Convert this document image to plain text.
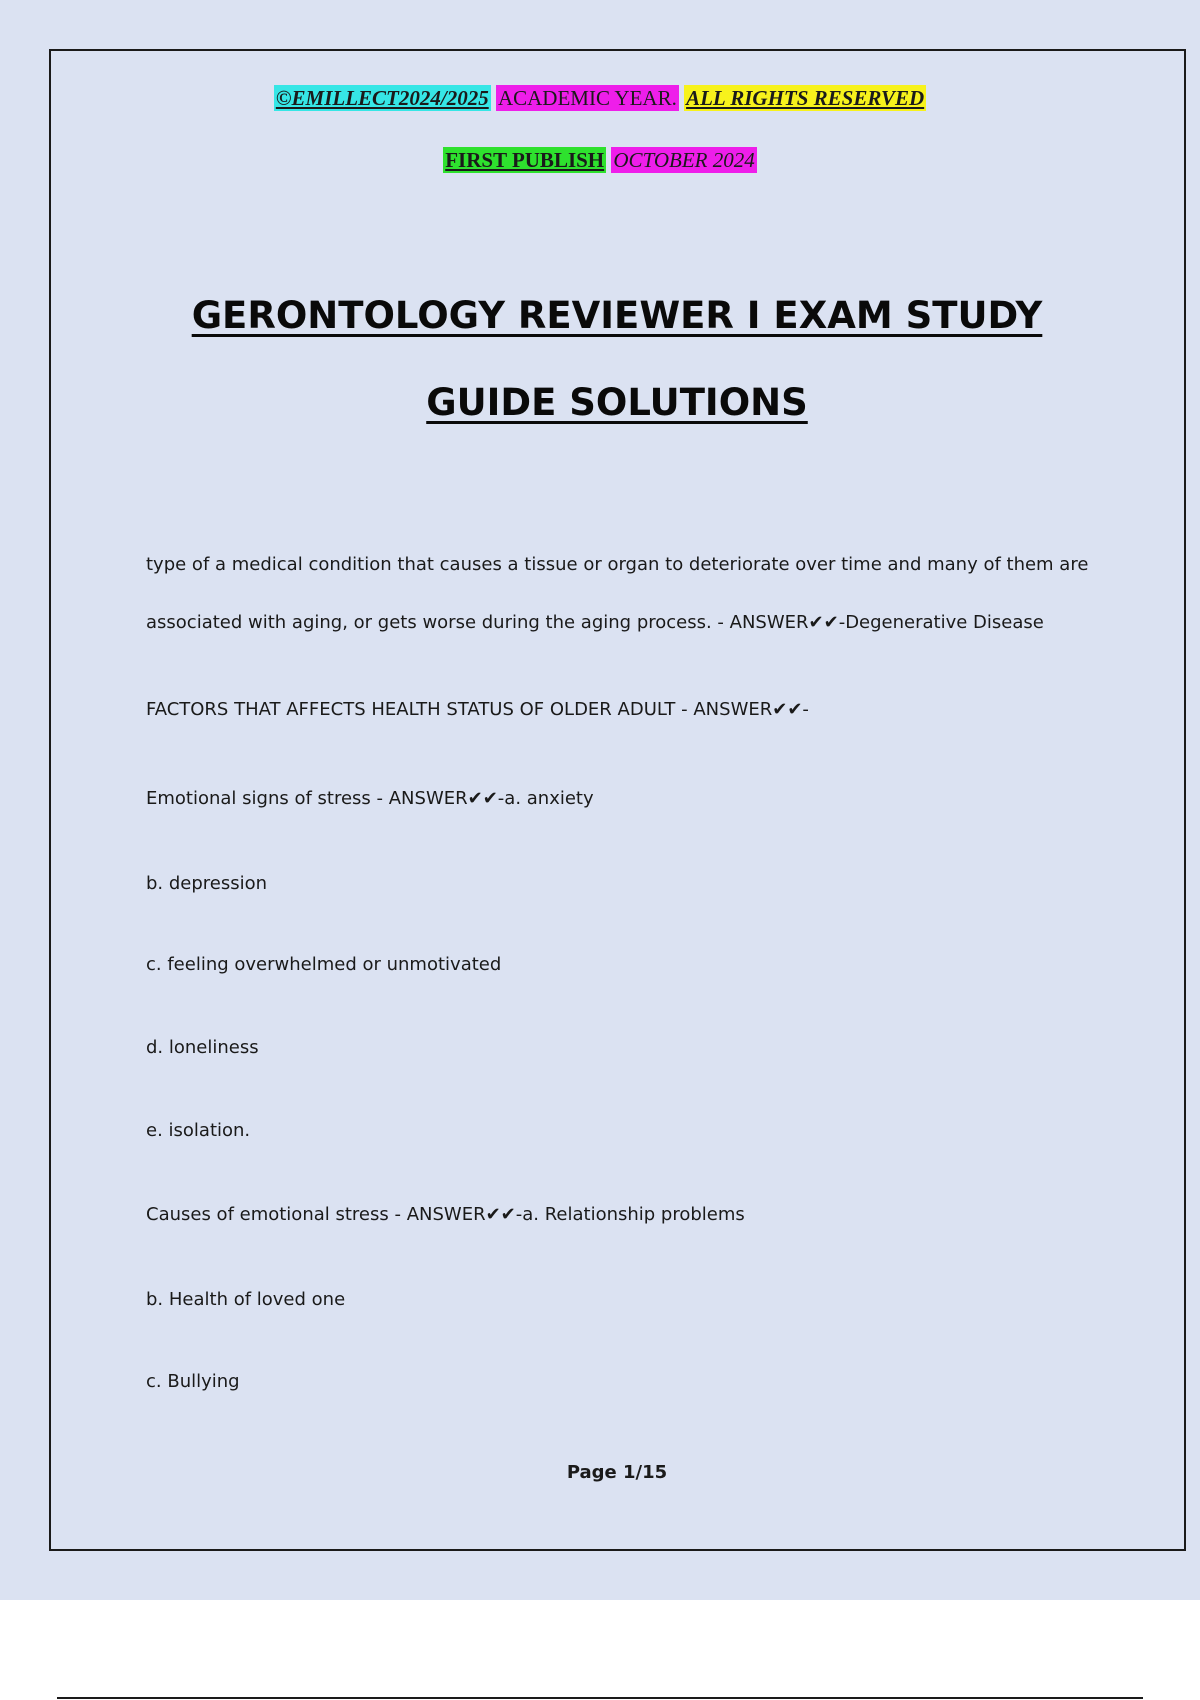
©EMILLECT2024/2025 ACADEMIC YEAR. ALL RIGHTS RESERVED
FIRST PUBLISH OCTOBER 2024
GERONTOLOGY REVIEWER I EXAM STUDY
GUIDE SOLUTIONS
type of a medical condition that causes a tissue or organ to deteriorate over time and many of them are
associated with aging, or gets worse during the aging process. - ANSWER✔✔-Degenerative Disease
FACTORS THAT AFFECTS HEALTH STATUS OF OLDER ADULT - ANSWER✔✔-
Emotional signs of stress - ANSWER✔✔-a. anxiety
b. depression
c. feeling overwhelmed or unmotivated
d. loneliness
e. isolation.
Causes of emotional stress - ANSWER✔✔-a. Relationship problems
b. Health of loved one
c. Bullying
Page 1/15
